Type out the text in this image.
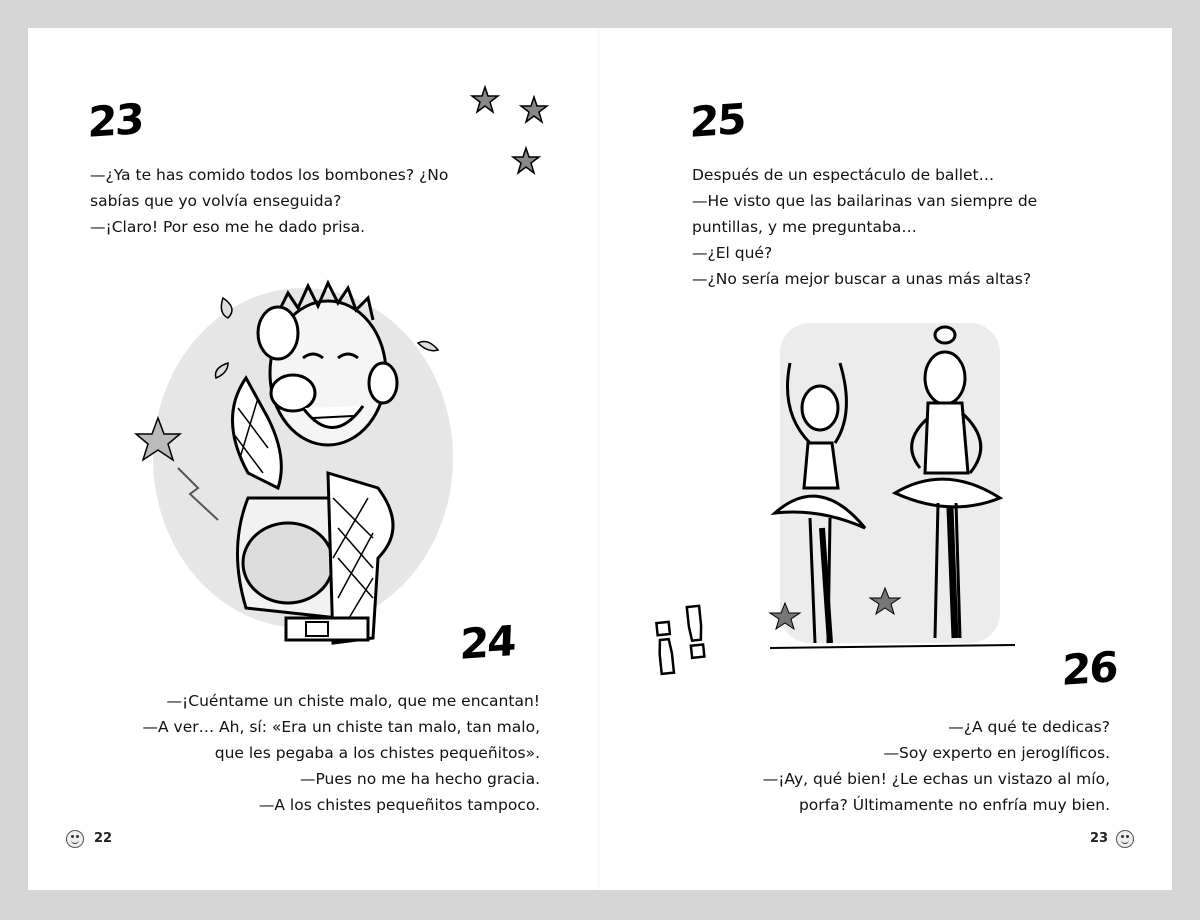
23
—¿Ya te has comido todos los bombones? ¿No
sabías que yo volvía enseguida?
—¡Claro! Por eso me he dado prisa.
24
—¡Cuéntame un chiste malo, que me encantan!
—A ver… Ah, sí: «Era un chiste tan malo, tan malo,
que les pegaba a los chistes pequeñitos».
—Pues no me ha hecho gracia.
—A los chistes pequeñitos tampoco.
22
25
Después de un espectáculo de ballet…
—He visto que las bailarinas van siempre de
puntillas, y me preguntaba…
—¿El qué?
—¿No sería mejor buscar a unas más altas?
¡!	26
—¿A qué te dedicas?
—Soy experto en jeroglíficos.
—¡Ay, qué bien! ¿Le echas un vistazo al mío,
porfa? Últimamente no enfría muy bien.
23
